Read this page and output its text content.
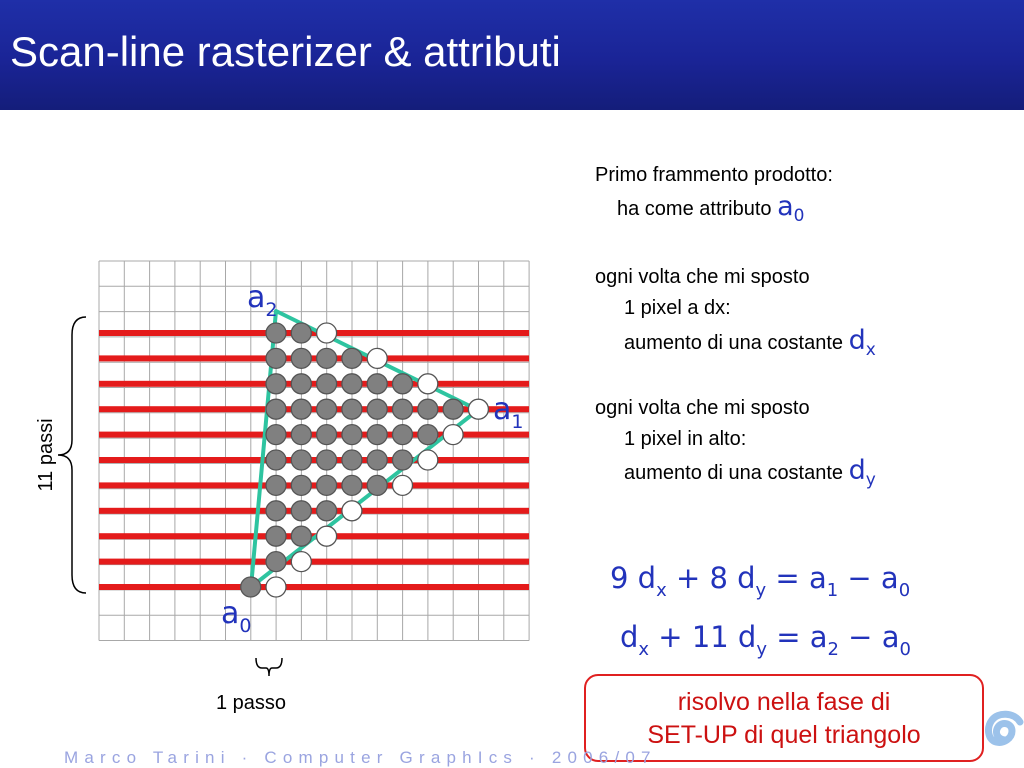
Scan-line rasterizer & attributi
11 passi
$a_2$
$a_1$
$a_0$
1 passo
Primo frammento prodotto:
ha come attributo $a_0$
ogni volta che mi sposto
1 pixel a dx:
aumento di una costante $d_x$
ogni volta che mi sposto
1 pixel in alto:
aumento di una costante $d_y$
9 $d_x + 8$ $d_y = a_1 - a_0$
$d_x + 11$ $d_y = a_2 - a_0$
risolvo nella fase di
SET-UP di quel triangolo
Marco Tarini · Computer GraphIcs · 2006/07
